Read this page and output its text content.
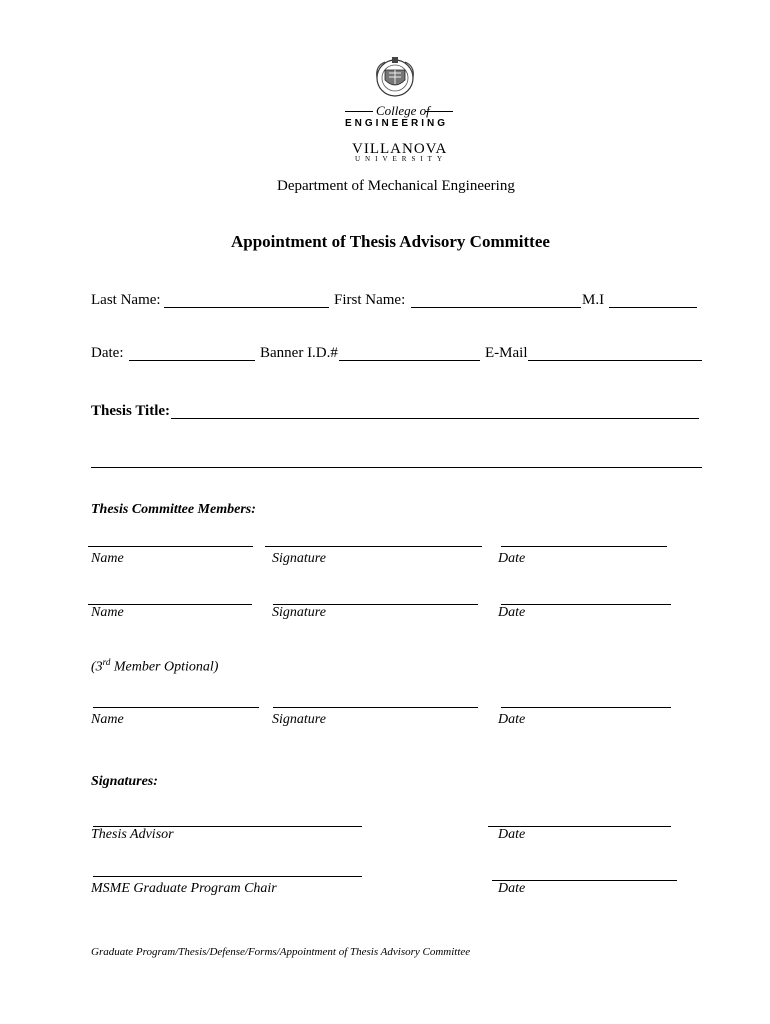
College of
ENGINEERING
VILLANOVA
UNIVERSITY
Department of Mechanical Engineering
Appointment of Thesis Advisory Committee
Last Name:	First Name:	M.I
Date:	Banner I.D.#	E-Mail
Thesis Title:
Thesis Committee Members:
Name	Signature	Date
Name	Signature	Date
(3rd Member Optional)
Name	Signature	Date
Signatures:
Thesis Advisor	Date
MSME Graduate Program Chair	Date
Graduate Program/Thesis/Defense/Forms/Appointment of Thesis Advisory Committee
